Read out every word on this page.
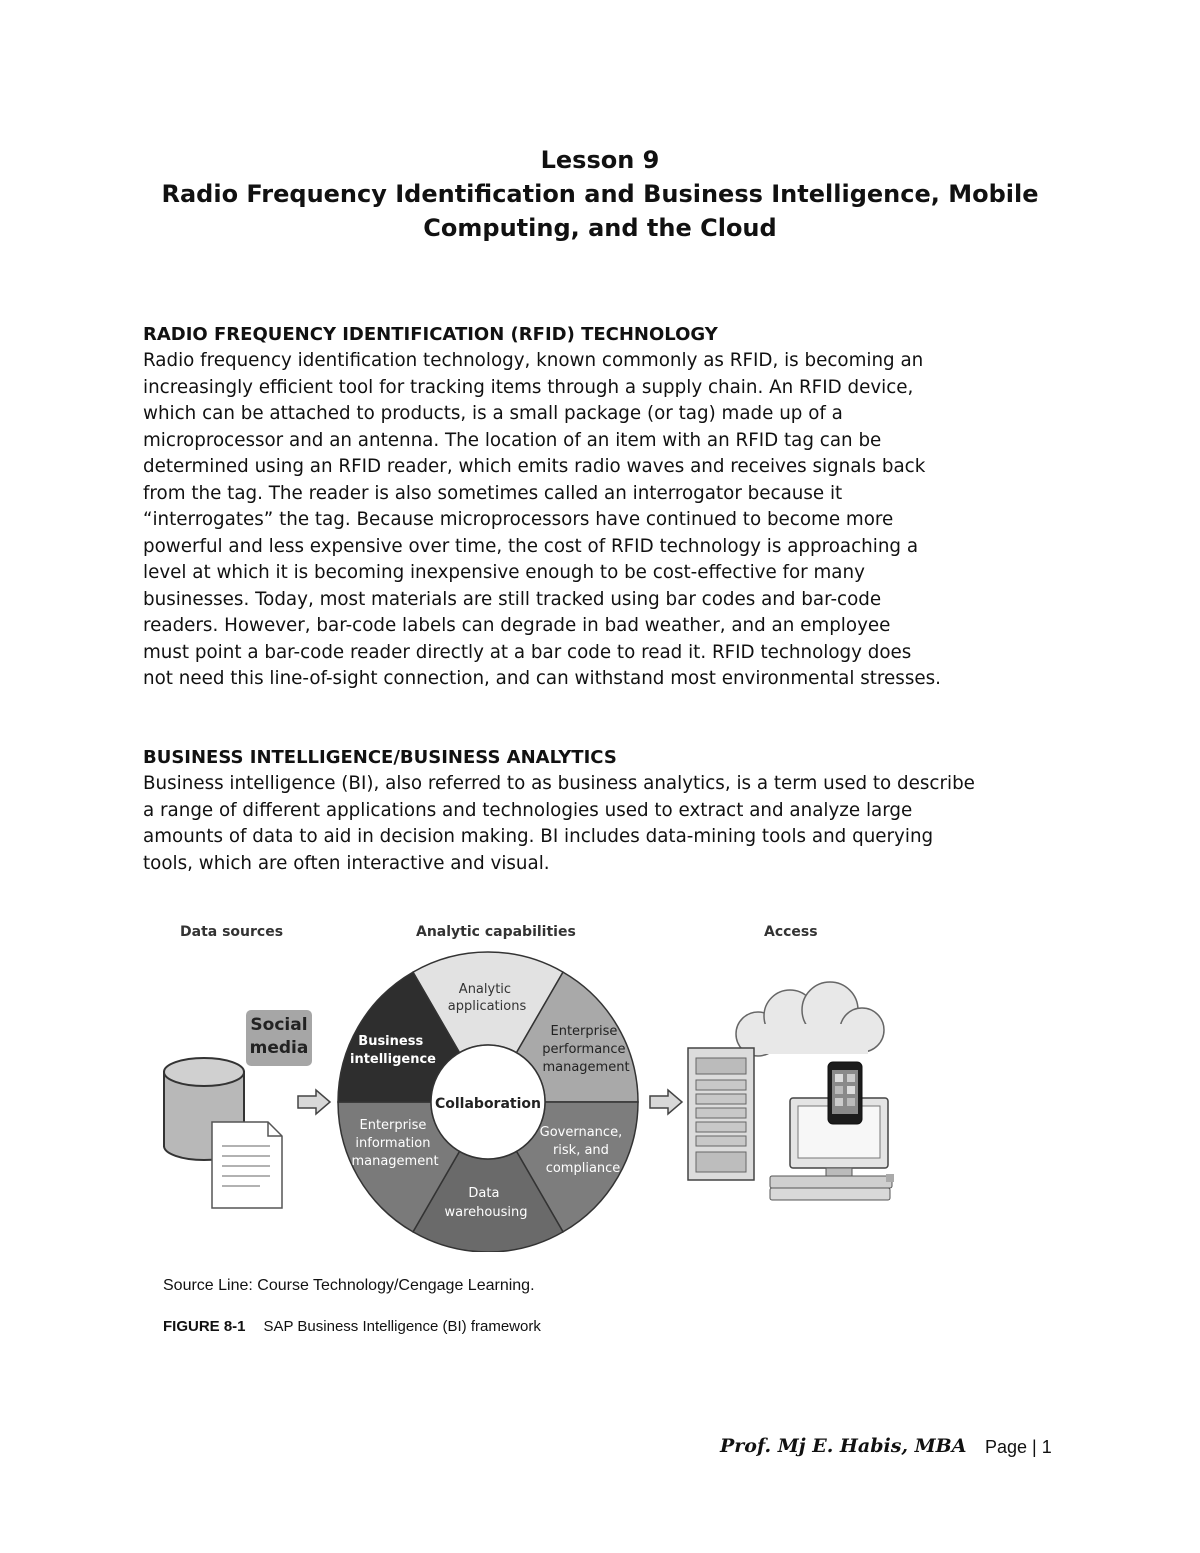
Lesson 9
Radio Frequency Identification and Business Intelligence, Mobile
Computing, and the Cloud
RADIO FREQUENCY IDENTIFICATION (RFID) TECHNOLOGY
Radio frequency identification technology, known commonly as RFID, is becoming an
increasingly efficient tool for tracking items through a supply chain. An RFID device,
which can be attached to products, is a small package (or tag) made up of a
microprocessor and an antenna. The location of an item with an RFID tag can be
determined using an RFID reader, which emits radio waves and receives signals back
from the tag. The reader is also sometimes called an interrogator because it
“interrogates” the tag. Because microprocessors have continued to become more
powerful and less expensive over time, the cost of RFID technology is approaching a
level at which it is becoming inexpensive enough to be cost-effective for many
businesses. Today, most materials are still tracked using bar codes and bar-code
readers. However, bar-code labels can degrade in bad weather, and an employee
must point a bar-code reader directly at a bar code to read it. RFID technology does
not need this line-of-sight connection, and can withstand most environmental stresses.
BUSINESS INTELLIGENCE/BUSINESS ANALYTICS
Business intelligence (BI), also referred to as business analytics, is a term used to describe
a range of different applications and technologies used to extract and analyze large
amounts of data to aid in decision making. BI includes data-mining tools and querying
tools, which are often interactive and visual.
Data sources	Analytic capabilities	Access
Social
media
Collaboration
Analytic applications
Enterprise performance management
Governance, risk, and compliance
Data warehousing
Enterprise information management
Business intelligence
Source Line: Course Technology/Cengage Learning.
FIGURE 8-1 SAP Business Intelligence (BI) framework
Prof. Mj E. Habis, MBA Page | 1
